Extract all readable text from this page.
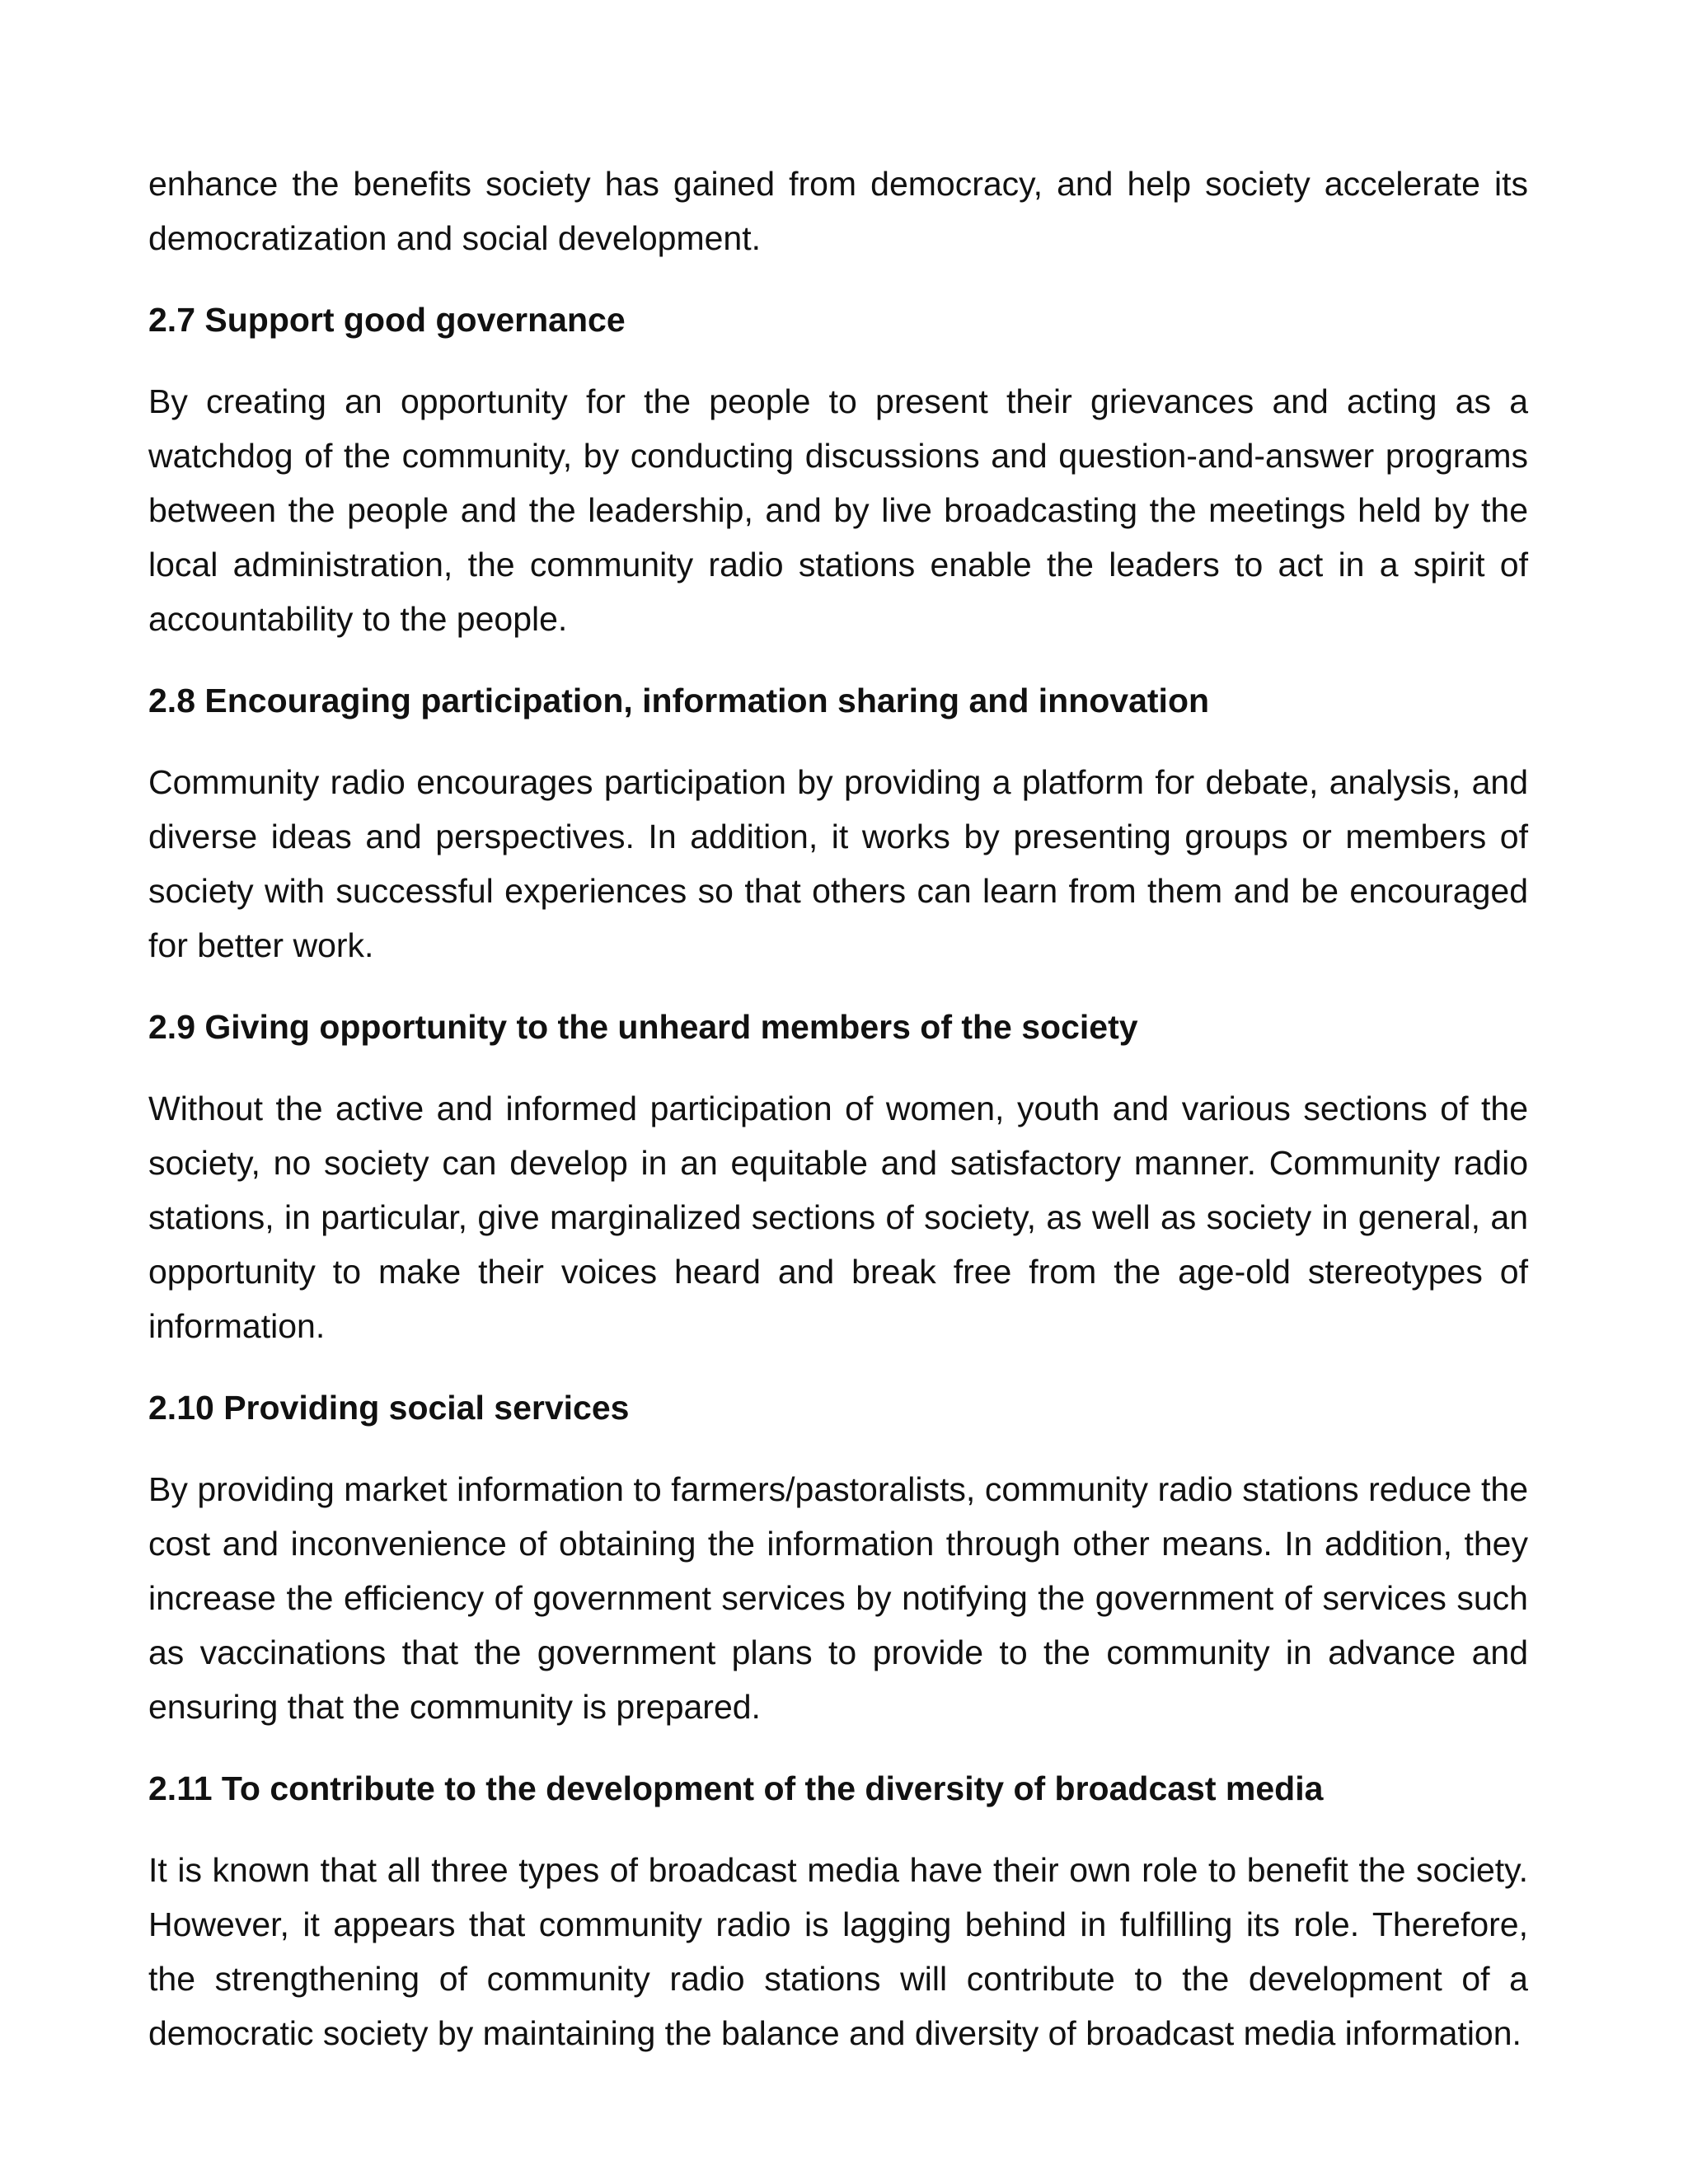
enhance the benefits society has gained from democracy, and help society accelerate its democratization and social development.

2.7 Support good governance

By creating an opportunity for the people to present their grievances and acting as a watchdog of the community, by conducting discussions and question-and-answer programs between the people and the leadership, and by live broadcasting the meetings held by the local administration, the community radio stations enable the leaders to act in a spirit of accountability to the people.

2.8 Encouraging participation, information sharing and innovation

Community radio encourages participation by providing a platform for debate, analysis, and diverse ideas and perspectives. In addition, it works by presenting groups or members of society with successful experiences so that others can learn from them and be encouraged for better work.

2.9 Giving opportunity to the unheard members of the society

Without the active and informed participation of women, youth and various sections of the society, no society can develop in an equitable and satisfactory manner. Community radio stations, in particular, give marginalized sections of society, as well as society in general, an opportunity to make their voices heard and break free from the age-old stereotypes of information.

2.10 Providing social services

By providing market information to farmers/pastoralists, community radio stations reduce the cost and inconvenience of obtaining the information through other means. In addition, they increase the efficiency of government services by notifying the government of services such as vaccinations that the government plans to provide to the community in advance and ensuring that the community is prepared.

2.11 To contribute to the development of the diversity of broadcast media

It is known that all three types of broadcast media have their own role to benefit the society. However, it appears that community radio is lagging behind in fulfilling its role. Therefore, the strengthening of community radio stations will contribute to the development of a democratic society by maintaining the balance and diversity of broadcast media information.
